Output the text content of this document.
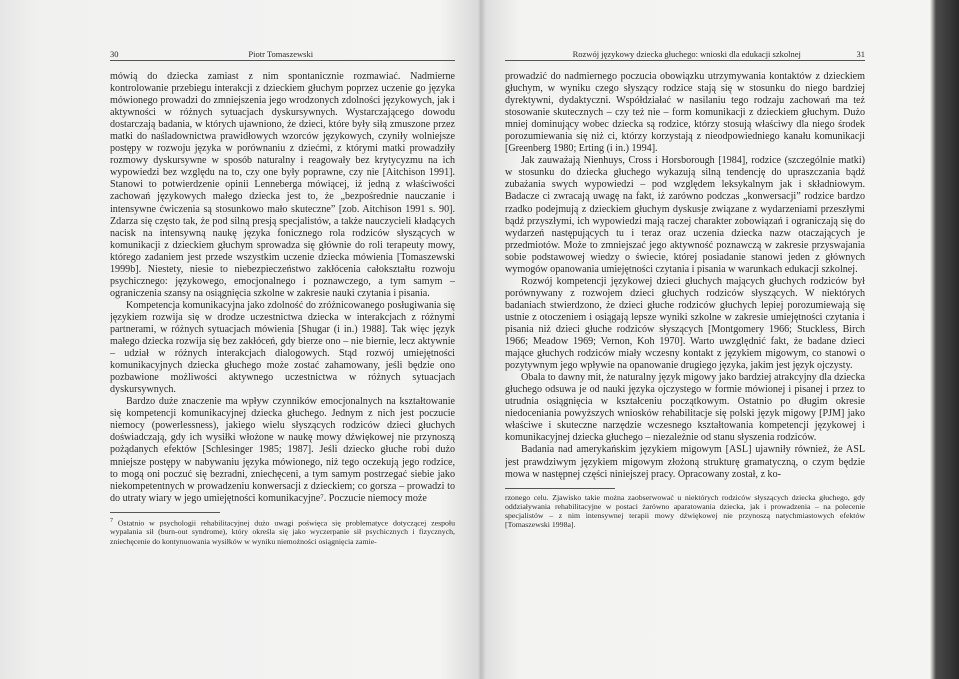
30	Piotr Tomaszewski

mówią do dziecka zamiast z nim spontanicznie rozmawiać. Nadmierne kontrolowanie przebiegu interakcji z dzieckiem głuchym poprzez uczenie go języka mówionego prowadzi do zmniejszenia jego wrodzonych zdolności językowych, jak i aktywności w różnych sytuacjach dyskursywnych. Wystarczającego dowodu dostarczają badania, w których ujawniono, że dzieci, które były siłą zmuszone przez matki do naśladownictwa prawidłowych wzorców językowych, czyniły wolniejsze postępy w rozwoju języka w porównaniu z dziećmi, z którymi matki prowadziły rozmowy dyskursywne w sposób naturalny i reagowały bez krytycyzmu na ich wypowiedzi bez względu na to, czy one były poprawne, czy nie [Aitchison 1991]. Stanowi to potwierdzenie opinii Lenneberga mówiącej, iż jedną z właściwości zachowań językowych małego dziecka jest to, że „bezpośrednie nauczanie i intensywne ćwiczenia są stosunkowo mało skuteczne” [zob. Aitchison 1991 s. 90]. Zdarza się często tak, że pod silną presją specjalistów, a także nauczycieli kładących nacisk na intensywną naukę języka fonicznego rola rodziców słyszących w komunikacji z dzieckiem głuchym sprowadza się głównie do roli terapeuty mowy, którego zadaniem jest przede wszystkim uczenie dziecka mówienia [Tomaszewski 1999b]. Niestety, niesie to niebezpieczeństwo zakłócenia całokształtu rozwoju psychicznego: językowego, emocjonalnego i poznawczego, a tym samym – ograniczenia szansy na osiągnięcia szkolne w zakresie nauki czytania i pisania.

Kompetencja komunikacyjna jako zdolność do zróżnicowanego posługiwania się językiem rozwija się w drodze uczestnictwa dziecka w interakcjach z różnymi partnerami, w różnych sytuacjach mówienia [Shugar (i in.) 1988]. Tak więc język małego dziecka rozwija się bez zakłóceń, gdy bierze ono – nie biernie, lecz aktywnie – udział w różnych interakcjach dialogowych. Stąd rozwój umiejętności komunikacyjnych dziecka głuchego może zostać zahamowany, jeśli będzie ono pozbawione możliwości aktywnego uczestnictwa w różnych sytuacjach dyskursywnych.

Bardzo duże znaczenie ma wpływ czynników emocjonalnych na kształtowanie się kompetencji komunikacyjnej dziecka głuchego. Jednym z nich jest poczucie niemocy (powerlessness), jakiego wielu słyszących rodziców dzieci głuchych doświadczają, gdy ich wysiłki włożone w naukę mowy dźwiękowej nie przynoszą pożądanych efektów [Schlesinger 1985; 1987]. Jeśli dziecko głuche robi dużo mniejsze postępy w nabywaniu języka mówionego, niż tego oczekują jego rodzice, to mogą oni poczuć się bezradni, zniechęceni, a tym samym postrzegać siebie jako niekompetentnych w prowadzeniu konwersacji z dzieckiem; co gorsza – prowadzi to do utraty wiary w jego umiejętności komunikacyjne⁷. Poczucie niemocy może

$^7$ Ostatnio w psychologii rehabilitacyjnej dużo uwagi poświęca się problematyce dotyczącej zespołu wypalania sił (burn-out syndrome), który określa się jako wyczerpanie sił psychicznych i fizycznych, zniechęcenie do kontynuowania wysiłków w wyniku niemożności osiągnięcia zamie-
Rozwój językowy dziecka głuchego: wnioski dla edukacji szkolnej	31

prowadzić do nadmiernego poczucia obowiązku utrzymywania kontaktów z dzieckiem głuchym, w wyniku czego słyszący rodzice stają się w stosunku do niego bardziej dyrektywni, dydaktyczni. Współdziałać w nasilaniu tego rodzaju zachowań ma też stosowanie skutecznych – czy też nie – form komunikacji z dzieckiem głuchym. Dużo mniej dominujący wobec dziecka są rodzice, którzy stosują właściwy dla niego środek porozumiewania się niż ci, którzy korzystają z nieodpowiedniego kanału komunikacji [Greenberg 1980; Erting (i in.) 1994].

Jak zauważają Nienhuys, Cross i Horsborough [1984], rodzice (szczególnie matki) w stosunku do dziecka głuchego wykazują silną tendencję do upraszczania bądź zubażania swych wypowiedzi – pod względem leksykalnym jak i składniowym. Badacze ci zwracają uwagę na fakt, iż zarówno podczas „konwersacji” rodzice bardzo rzadko podejmują z dzieckiem głuchym dyskusje związane z wydarzeniami przeszłymi bądź przyszłymi, ich wypowiedzi mają raczej charakter zobowiązań i ograniczają się do wydarzeń następujących tu i teraz oraz uczenia dziecka nazw otaczających je przedmiotów. Może to zmniejszać jego aktywność poznawczą w zakresie przyswajania sobie podstawowej wiedzy o świecie, której posiadanie stanowi jeden z głównych wymogów opanowania umiejętności czytania i pisania w warunkach edukacji szkolnej.

Rozwój kompetencji językowej dzieci głuchych mających głuchych rodziców był porównywany z rozwojem dzieci głuchych rodziców słyszących. W niektórych badaniach stwierdzono, że dzieci głuche rodziców głuchych lepiej porozumiewają się ustnie z otoczeniem i osiągają lepsze wyniki szkolne w zakresie umiejętności czytania i pisania niż dzieci głuche rodziców słyszących [Montgomery 1966; Stuckless, Birch 1966; Meadow 1969; Vernon, Koh 1970]. Warto uwzględnić fakt, że badane dzieci mające głuchych rodziców miały wczesny kontakt z językiem migowym, co stanowi o pozytywnym jego wpływie na opanowanie drugiego języka, jakim jest język ojczysty.

Obala to dawny mit, że naturalny język migowy jako bardziej atrakcyjny dla dziecka głuchego odsuwa je od nauki języka ojczystego w formie mówionej i pisanej i przez to utrudnia osiągnięcia w kształceniu początkowym. Ostatnio po długim okresie niedoceniania powyższych wniosków rehabilitacje się polski język migowy [PJM] jako właściwe i skuteczne narzędzie wczesnego kształtowania kompetencji językowej i komunikacyjnej dziecka głuchego – niezależnie od stanu słyszenia rodziców.

Badania nad amerykańskim językiem migowym [ASL] ujawniły również, że ASL jest prawdziwym językiem migowym złożoną strukturę gramatyczną, o czym będzie mowa w następnej części niniejszej pracy. Opracowany został, z ko-

rzonego celu. Zjawisko takie można zaobserwować u niektórych rodziców słyszących dziecka głuchego, gdy oddziaływania rehabilitacyjne w postaci żarówno aparatowania dziecka, jak i prowadzenia – na polecenie specjalistów – z nim intensywnej terapii mowy dźwiękowej nie przynoszą natychmiastowych efektów [Tomaszewski 1998a].
